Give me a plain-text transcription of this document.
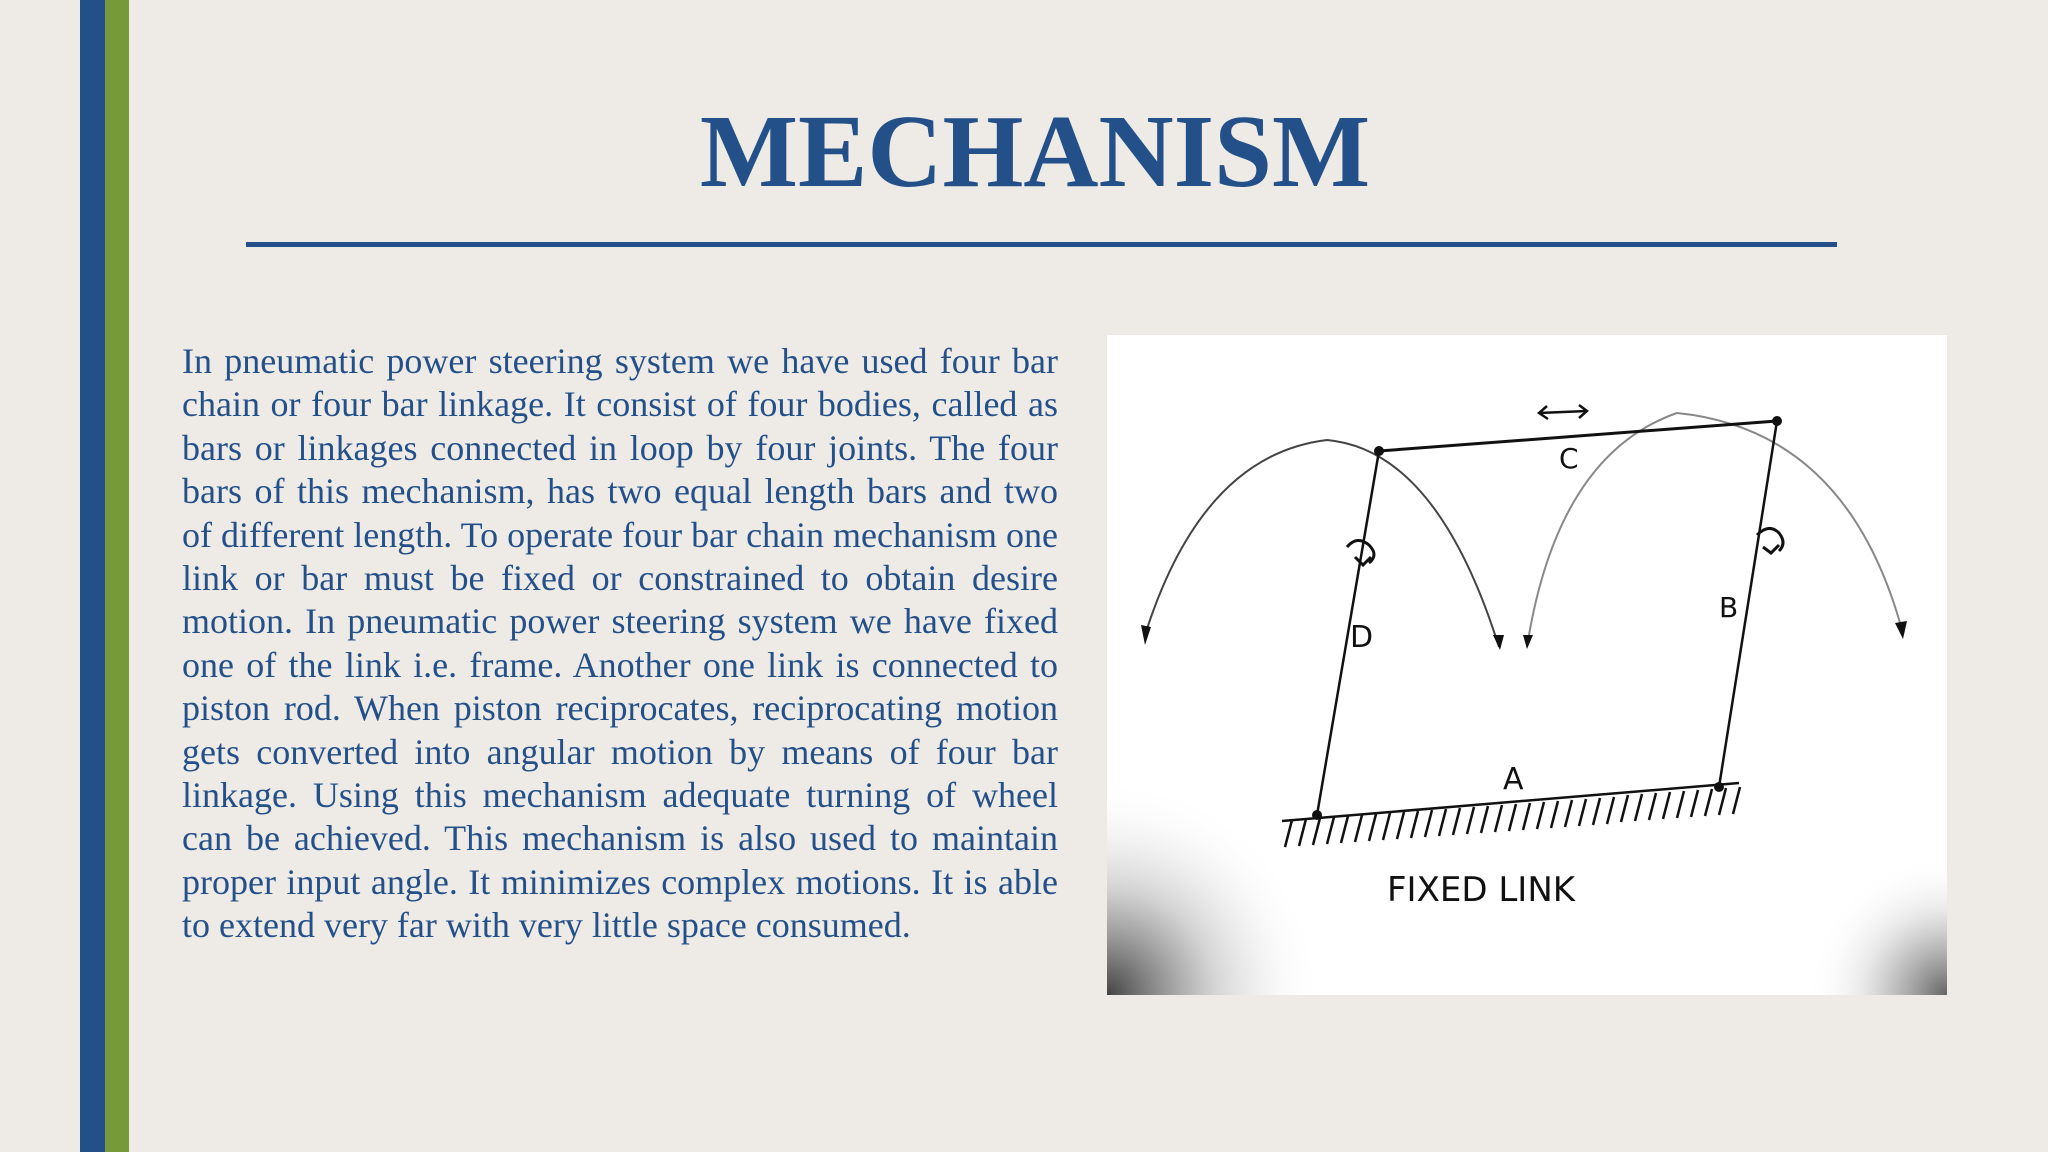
MECHANISM

In pneumatic power steering system we have used four bar chain or four bar linkage. It consist of four bodies, called as bars or linkages connected in loop by four joints. The four bars of this mechanism, has two equal length bars and two of different length. To operate four bar chain mechanism one link or bar must be fixed or constrained to obtain desire motion. In pneumatic power steering system we have fixed one of the link i.e. frame. Another one link is connected to piston rod. When piston reciprocates, reciprocating motion gets converted into angular motion by means of four bar linkage. Using this mechanism adequate turning of wheel can be achieved. This mechanism is also used to maintain proper input angle. It minimizes complex motions. It is able to extend very far with very little space consumed.

C
D
B
A
FIXED LINK
